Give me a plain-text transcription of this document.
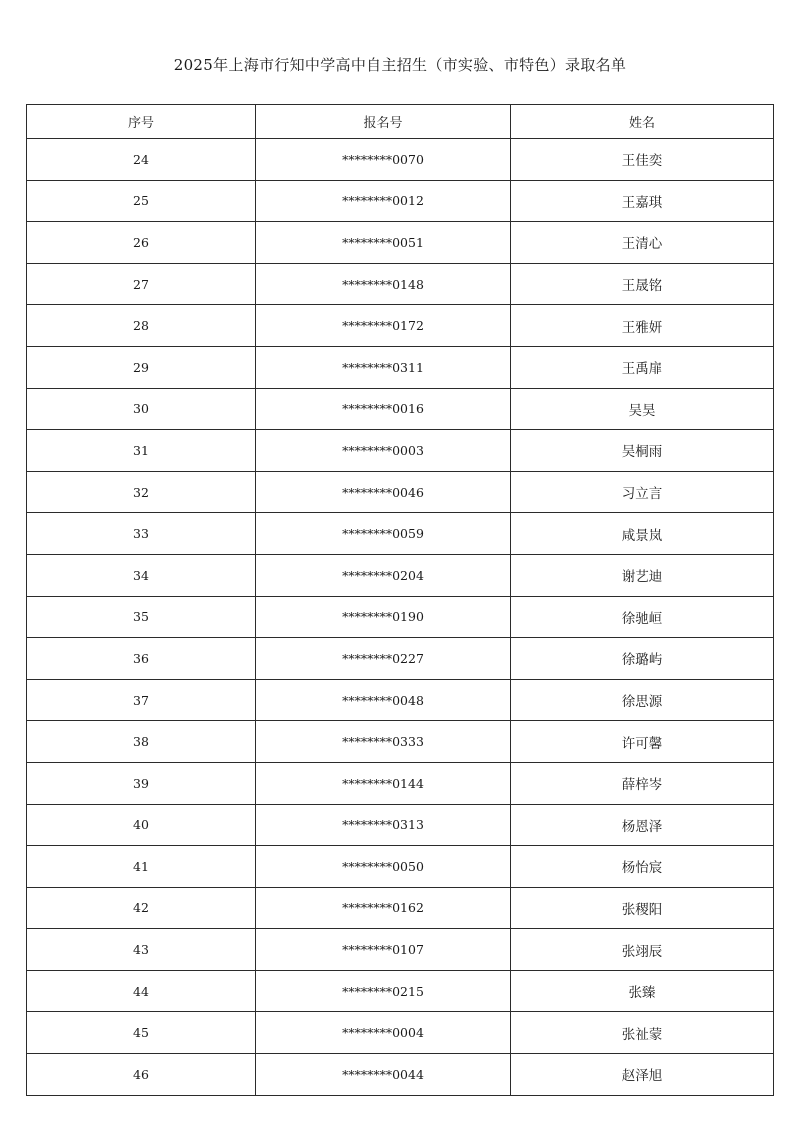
2025年上海市行知中学高中自主招生（市实验、市特色）录取名单
序号	报名号	姓名
24	********0070	王佳奕
25	********0012	王嘉琪
26	********0051	王清心
27	********0148	王晟铭
28	********0172	王雅妍
29	********0311	王禹扉
30	********0016	吴昊
31	********0003	吴桐雨
32	********0046	习立言
33	********0059	咸景岚
34	********0204	谢艺迪
35	********0190	徐驰峘
36	********0227	徐璐屿
37	********0048	徐思源
38	********0333	许可馨
39	********0144	薛梓岑
40	********0313	杨恩泽
41	********0050	杨怡宸
42	********0162	张稷阳
43	********0107	张翊辰
44	********0215	张臻
45	********0004	张祉蒙
46	********0044	赵泽旭
